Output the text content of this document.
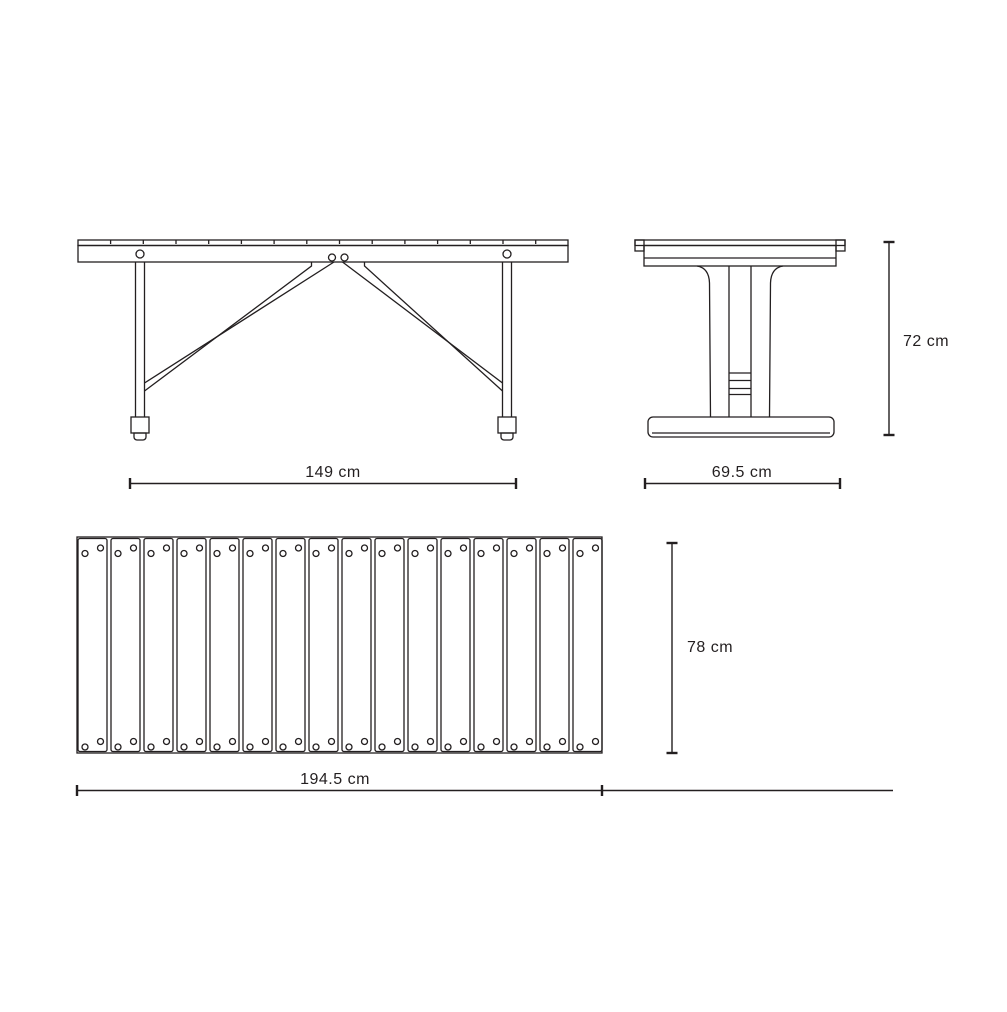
149 cm
72 cm
69.5 cm
78 cm
194.5 cm
